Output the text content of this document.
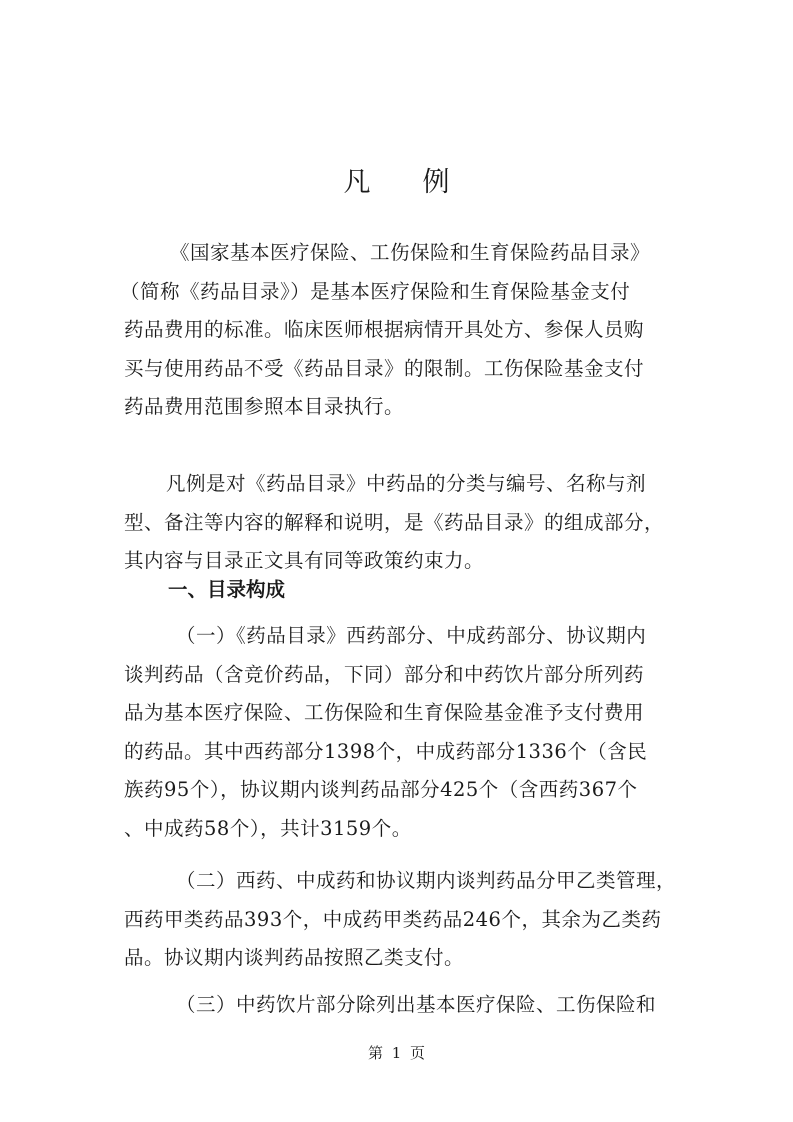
凡例
《国家基本医疗保险、工伤保险和生育保险药品目录》
（简称《药品目录》）是基本医疗保险和生育保险基金支付
药品费用的标准。临床医师根据病情开具处方、参保人员购
买与使用药品不受《药品目录》的限制。工伤保险基金支付
药品费用范围参照本目录执行。
凡例是对《药品目录》中药品的分类与编号、名称与剂
型、备注等内容的解释和说明，是《药品目录》的组成部分，
其内容与目录正文具有同等政策约束力。
一、目录构成
（一）《药品目录》西药部分、中成药部分、协议期内
谈判药品（含竞价药品，下同）部分和中药饮片部分所列药
品为基本医疗保险、工伤保险和生育保险基金准予支付费用
的药品。其中西药部分1398个，中成药部分1336个（含民
族药95个），协议期内谈判药品部分425个（含西药367个
、中成药58个），共计3159个。
（二）西药、中成药和协议期内谈判药品分甲乙类管理，
西药甲类药品393个，中成药甲类药品246个，其余为乙类药
品。协议期内谈判药品按照乙类支付。
（三）中药饮片部分除列出基本医疗保险、工伤保险和
第 1 页
